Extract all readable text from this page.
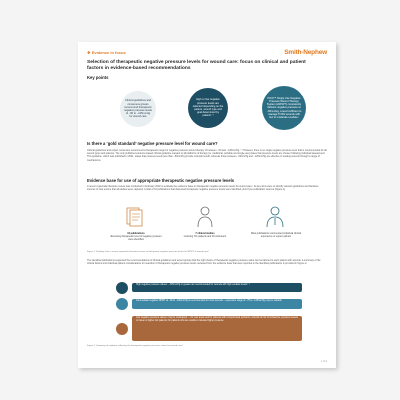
❖ Evidence in focus	Smith‑Nephew
Selection of therapeutic negative pressure levels for wound care: focus on clinical and patient factors in evidence-based recommendations
Key points
Clinical guidelines and consensus groups recommend therapeutic negative pressure levels of −60 to −125mmHg for wound care
High or low negative pressure levels are selected depending on the patient, wound type and goal determined by patient¹⁻³
PICO™ Single Use Negative Pressure Wound Therapy System (sNPWT) consistently delivers negative pressure at −80mmHg, a level sufficient to manage TOSS wounds with low to moderate exudate⁴
Is there a ‘gold standard’ negative pressure level for wound care?
Clinical guidelines and expert consensus recommend a therapeutic range for negative pressure wound therapy of between −60 and −125mmHg.¹⁻³ However, there is no single negative pressure level that is recommended for all wound types and patients. The only published evidence-based clinical guideline relevant to all platforms of therapy (ie. traditional, portable and single-use) states that pressure levels are chosen following individual assessment. This guideline, which was published in 2021, states that pressure levels less than −60mmHg provide minimal benefit, whereas those between −60mmHg and −125mmHg are effective in treating wounds through a range of mechanisms.
Evidence base for use of appropriate therapeutic negative pressure levels
A recent systematic literature review was conducted in February 2022 to evaluate the evidence base on therapeutic negative pressure levels for wound care.¹ Its key aims were to identify relevant guidelines and literature sources to help ensure that all studies were captured. A total of 16 publications that discussed therapeutic negative pressure levels were identified, plus 6 pre-publication sources (Figure 1).
16 publications
discussing therapeutic level of negative pressure were identified
7 clinical studies
involving 711 patients and 18 volunteers
Most publications commented individual clinical experience or expert opinion
Figure 1. Findings from a recent systematic literature review on therapeutic negative pressure levels for NPWT in wound care¹
The identified publications supported the recommendations of clinical guidelines and expert groups that the right choice of therapeutic negative pressure value can be tailored to each patient with wounds. A summary of the clinical factors and individual patient considerations for selection of therapeutic negative pressure levels reviewed from the evidence base that were reported in the identified publications is provided in Figure 2.
High negative pressure values: −125mmHg or greater are recommended for wounds with high exudate levels¹⁻³
Intermediate negative NPWT at −80 to −100mmHg is recommended for most wounds – a pressure range of −75 to −125mmHg may be suitable
Low negative pressure values: may be considered — for new areas and for patients with compromised perfusion, wounds at risk of ischaemia, exposed vessels or tissue in higher risk patients; for patients who are unable to tolerate higher pressure.
Figure 2. Summary of evidence reflecting the therapeutic negative pressure values for wound care¹
1 of 2
